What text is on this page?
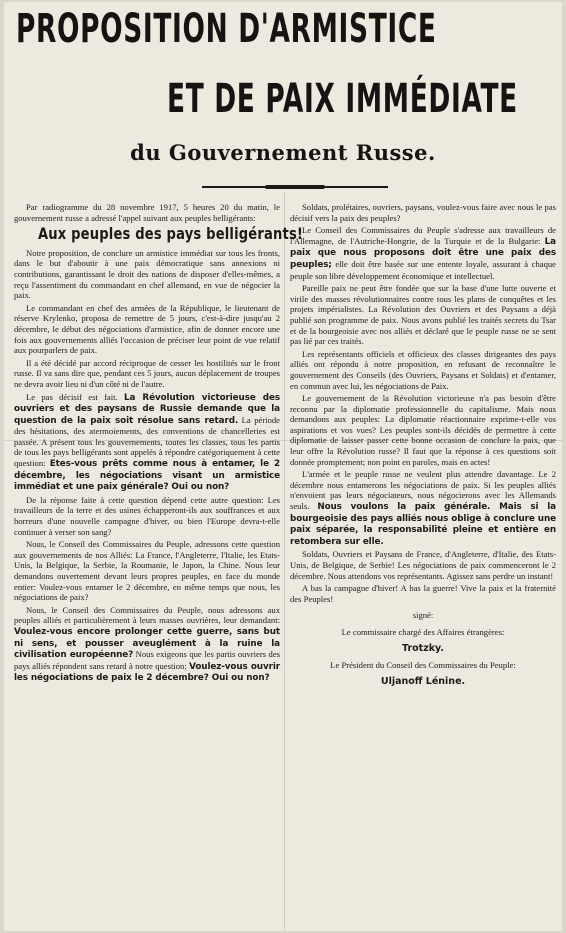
PROPOSITION D'ARMISTICE
ET DE PAIX IMMÉDIATE
du Gouvernement Russe.

Par radiogramme du 28 novembre 1917, 5 heures 20 du matin, le gouvernement russe a adressé l'appel suivant aux peuples belligérants:

Aux peuples des pays belligérants!

Notre proposition, de conclure un armistice immédiat sur tous les fronts, dans le but d'aboutir à une paix démocratique sans annexions ni contributions, garantissant le droit des nations de disposer d'elles-mêmes, a reçu l'assentiment du commandant en chef allemand, en vue de négocier la paix.

Le commandant en chef des armées de la République, le lieutenant de réserve Krylenko, proposa de remettre de 5 jours, c'est-à-dire jusqu'au 2 décembre, le début des négociations d'armistice, afin de donner encore une fois aux gouvernements alliés l'occasion de préciser leur point de vue relatif aux pourparlers de paix.

Il a été décidé par accord réciproque de cesser les hostilités sur le front russe. Il va sans dire que, pendant ces 5 jours, aucun déplacement de troupes ne devra avoir lieu ni d'un côté ni de l'autre.

Le pas décisif est fait. La Révolution victorieuse des ouvriers et des paysans de Russie demande que la question de la paix soit résolue sans retard. La période des hésitations, des atermoiements, des conventions de chancelleries est passée. A présent tous les gouvernements, toutes les classes, tous les partis de tous les pays belligérants sont appelés à répondre catégoriquement à cette question: Etes-vous prêts comme nous à entamer, le 2 décembre, les négociations visant un armistice immédiat et une paix générale? Oui ou non?

De la réponse faite à cette question dépend cette autre question: Les travailleurs de la terre et des usines échapperont-ils aux souffrances et aux horreurs d'une nouvelle campagne d'hiver, ou bien l'Europe devra-t-elle continuer à verser son sang?

Nous, le Conseil des Commissaires du Peuple, adressons cette question aux gouvernements de nos Alliés: La France, l'Angleterre, l'Italie, les Etats-Unis, la Belgique, la Serbie, la Roumanie, le Japon, la Chine. Nous leur demandons ouvertement devant leurs propres peuples, en face du monde entier: Voulez-vous entamer le 2 décembre, en même temps que nous, les négociations de paix?

Nous, le Conseil des Commissaires du Peuple, nous adressons aux peuples alliés et particulièrement à leurs masses ouvrières, leur demandant: Voulez-vous encore prolonger cette guerre, sans but ni sens, et pousser aveuglément à la ruine la civilisation européenne? Nous exigeons que les partis ouvriers des pays alliés répondent sans retard à notre question: Voulez-vous ouvrir les négociations de paix le 2 décembre? Oui ou non?

Soldats, prolétaires, ouvriers, paysans, voulez-vous faire avec nous le pas décisif vers la paix des peuples?

Le Conseil des Commissaires du Peuple s'adresse aux travailleurs de l'Allemagne, de l'Autriche-Hongrie, de la Turquie et de la Bulgarie: La paix que nous proposons doit être une paix des peuples; elle doit être basée sur une entente loyale, assurant à chaque peuple son libre développement économique et intellectuel.

Pareille paix ne peut être fondée que sur la base d'une lutte ouverte et virile des masses révolutionnaires contre tous les plans de conquêtes et les projets impérialistes. La Révolution des Ouvriers et des Paysans a déjà publié son programme de paix. Nous avons publié les traités secrets du Tsar et de la bourgeoisie avec nos alliés et déclaré que le peuple russe ne se sent pas lié par ces traités.

Les représentants officiels et officieux des classes dirigeantes des pays alliés ont répondu à notre proposition, en refusant de reconnaître le gouvernement des Conseils (des Ouvriers, Paysans et Soldats) et d'entamer, en commun avec lui, les négociations de Paix.

Le gouvernement de la Révolution victorieuse n'a pas besoin d'être reconnu par la diplomatie professionnelle du capitalisme. Mais nous demandons aux peuples: La diplomatie réactionnaire exprime-t-elle vos aspirations et vos vues? Les peuples sont-ils décidés de permettre à cette diplomatie de laisser passer cette bonne occasion de conclure la paix, que leur offre la Révolution russe? Il faut que la réponse à ces questions soit donnée promptement; non point en paroles, mais en actes!

L'armée et le peuple russe ne veulent plus attendre davantage. Le 2 décembre nous entamerons les négociations de paix. Si les peuples alliés n'envoient pas leurs négociateurs, nous négocierons avec les Allemands seuls. Nous voulons la paix générale. Mais si la bourgeoisie des pays alliés nous oblige à conclure une paix séparée, la responsabilité pleine et entière en retombera sur elle.

Soldats, Ouvriers et Paysans de France, d'Angleterre, d'Italie, des Etats-Unis, de Belgique, de Serbie! Les négociations de paix commenceront le 2 décembre. Nous attendons vos représentants. Agissez sans perdre un instant!

A bas la campagne d'hiver! A bas la guerre! Vive la paix et la fraternité des Peuples!

signé:

Le commissaire chargé des Affaires étrangères:

Trotzky.

Le Président du Conseil des Commissaires du Peuple:

Uljanoff Lénine.
